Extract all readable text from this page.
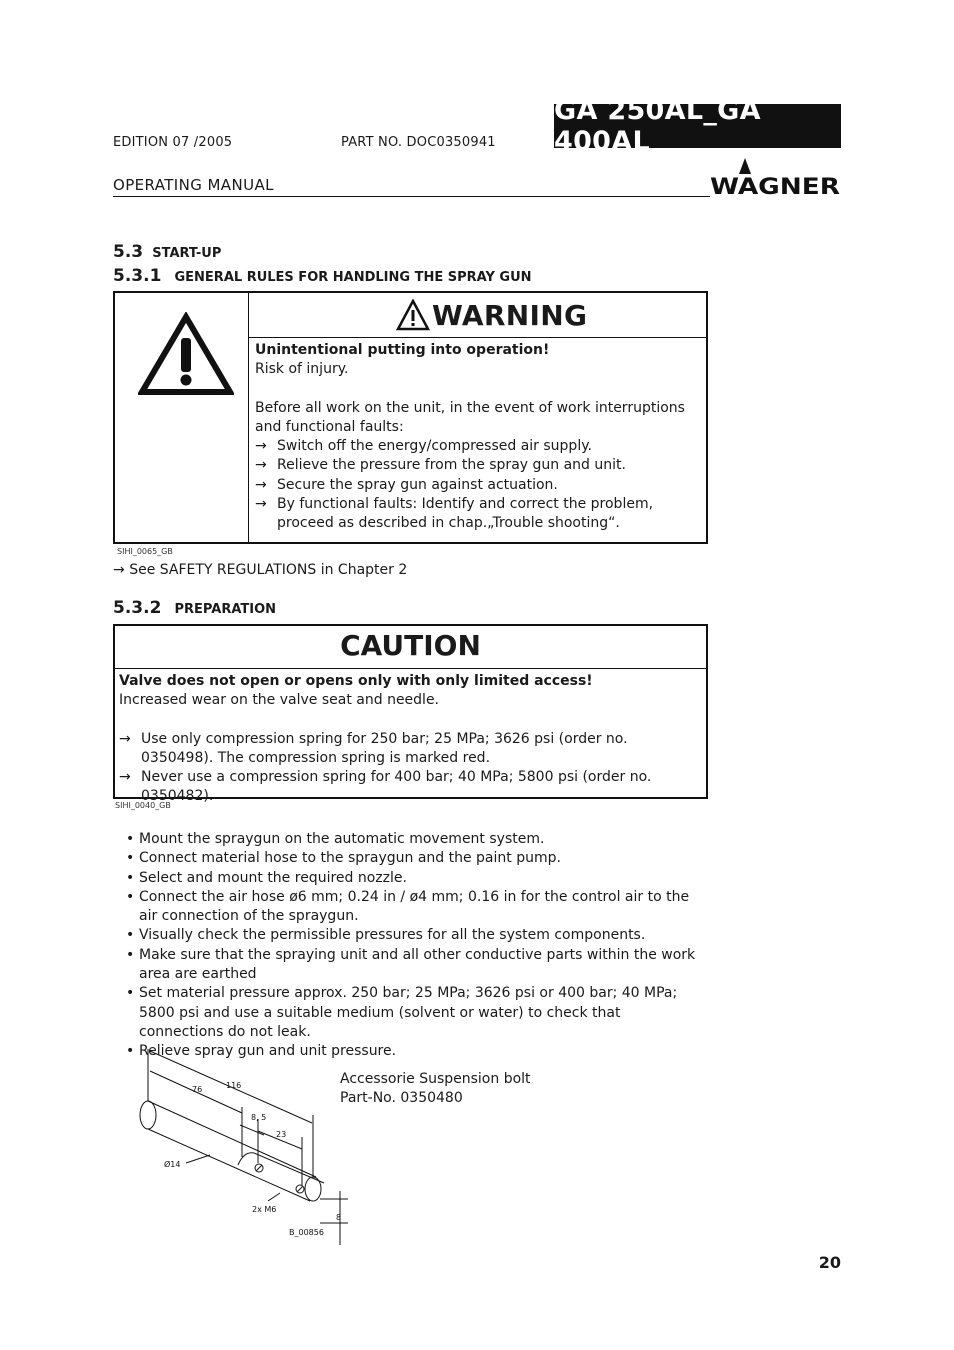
EDITION 07 /2005	PART NO. DOC0350941
GA 250AL_GA 400AL
OPERATING MANUAL	WAGNER
5.3 START-UP
5.3.1 GENERAL RULES FOR HANDLING THE SPRAY GUN
WARNING
Unintentional putting into operation!
Risk of injury.
Before all work on the unit, in the event of work interruptions and functional faults:
→ Switch off the energy/compressed air supply.
→ Relieve the pressure from the spray gun and unit.
→ Secure the spray gun against actuation.
→ By functional faults: Identify and correct the problem, proceed as described in chap.„Trouble shooting“.
SIHI_0065_GB
→ See SAFETY REGULATIONS in Chapter 2
5.3.2 PREPARATION
CAUTION
Valve does not open or opens only with only limited access!
Increased wear on the valve seat and needle.
→ Use only compression spring for 250 bar; 25 MPa; 3626 psi (order no. 0350498). The compression spring is marked red.
→ Never use a compression spring for 400 bar; 40 MPa; 5800 psi (order no. 0350482).
SIHI_0040_GB
• Mount the spraygun on the automatic movement system.
• Connect material hose to the spraygun and the paint pump.
• Select and mount the required nozzle.
• Connect the air hose ø6 mm; 0.24 in / ø4 mm; 0.16 in for the control air to the air connection of the spraygun.
• Visually check the permissible pressures for all the system components.
• Make sure that the spraying unit and all other conductive parts within the work area are earthed
• Set material pressure approx. 250 bar; 25 MPa; 3626 psi or 400 bar; 40 MPa; 5800 psi and use a suitable medium (solvent or water) to check that connections do not leak.
• Relieve spray gun and unit pressure.
116
76
8, 5
23
Ø14
2x M6
8
B_00856
Accessorie Suspension bolt
Part-No. 0350480
20
